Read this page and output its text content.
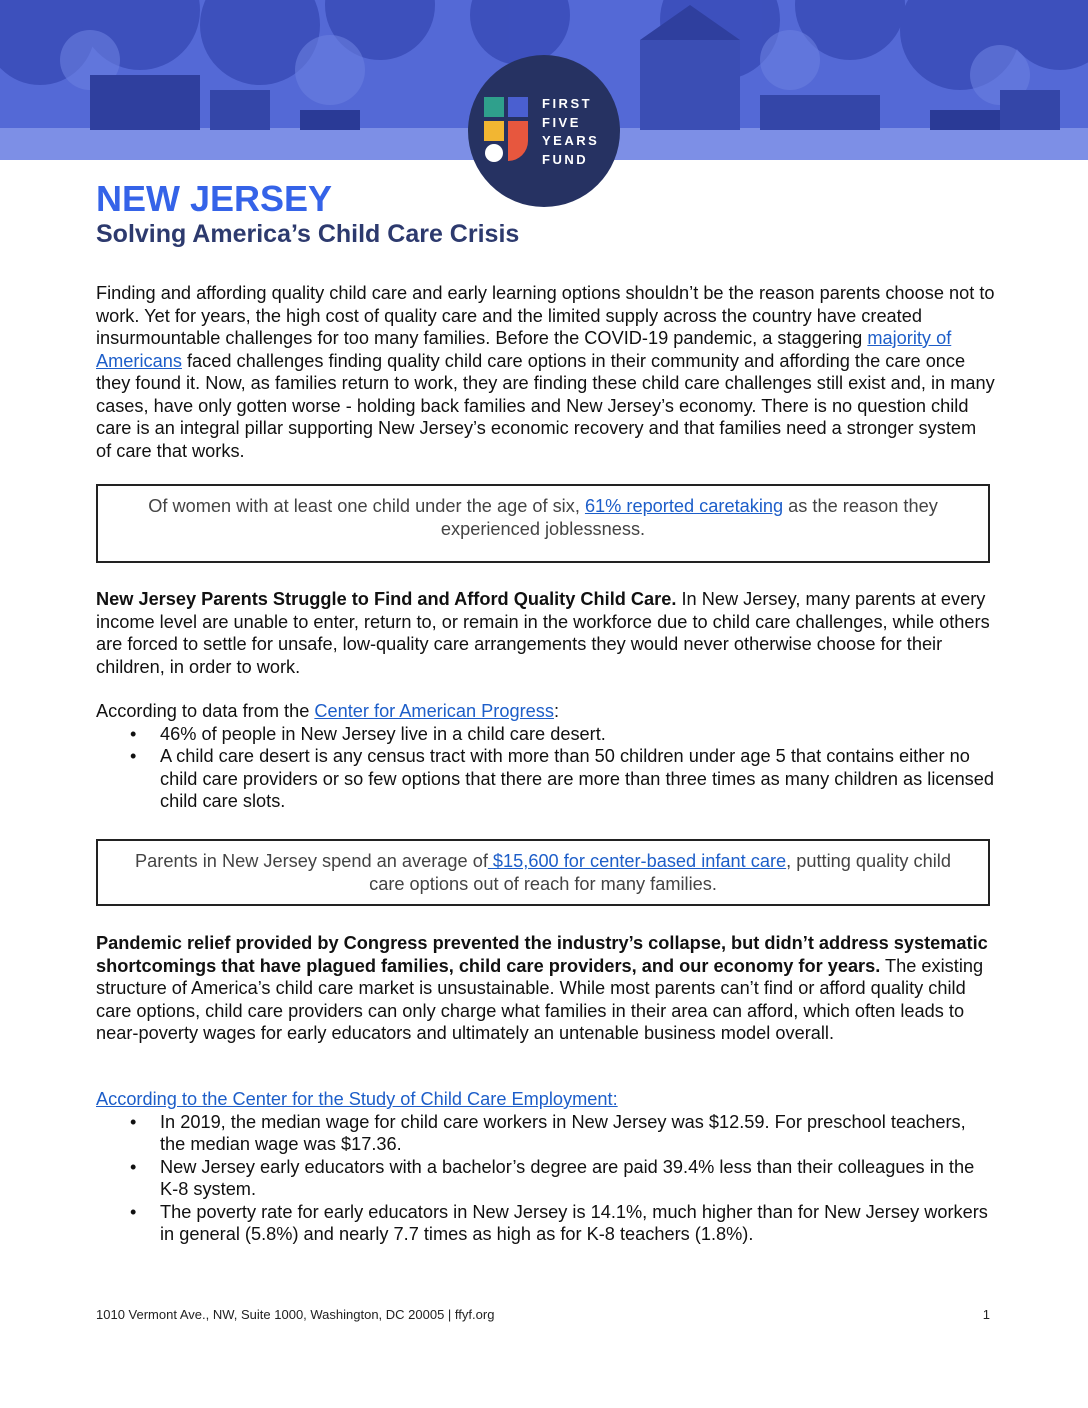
FIRST
FIVE
YEARS
FUND
NEW JERSEY
Solving America’s Child Care Crisis

Finding and affording quality child care and early learning options shouldn’t be the reason parents choose not to work. Yet for years, the high cost of quality care and the limited supply across the country have created insurmountable challenges for too many families. Before the COVID-19 pandemic, a staggering majority of Americans faced challenges finding quality child care options in their community and affording the care once they found it. Now, as families return to work, they are finding these child care challenges still exist and, in many cases, have only gotten worse - holding back families and New Jersey’s economy. There is no question child care is an integral pillar supporting New Jersey’s economic recovery and that families need a stronger system of care that works.

Of women with at least one child under the age of six, 61% reported caretaking as the reason they experienced joblessness.

New Jersey Parents Struggle to Find and Afford Quality Child Care. In New Jersey, many parents at every income level are unable to enter, return to, or remain in the workforce due to child care challenges, while others are forced to settle for unsafe, low-quality care arrangements they would never otherwise choose for their children, in order to work.

According to data from the Center for American Progress:

• 46% of people in New Jersey live in a child care desert.
• A child care desert is any census tract with more than 50 children under age 5 that contains either no child care providers or so few options that there are more than three times as many children as licensed child care slots.
Parents in New Jersey spend an average of $15,600 for center-based infant care, putting quality child care options out of reach for many families.

Pandemic relief provided by Congress prevented the industry’s collapse, but didn’t address systematic shortcomings that have plagued families, child care providers, and our economy for years. The existing structure of America’s child care market is unsustainable. While most parents can’t find or afford quality child care options, child care providers can only charge what families in their area can afford, which often leads to near-poverty wages for early educators and ultimately an untenable business model overall.

According to the Center for the Study of Child Care Employment:

• In 2019, the median wage for child care workers in New Jersey was $12.59. For preschool teachers, the median wage was $17.36.
• New Jersey early educators with a bachelor’s degree are paid 39.4% less than their colleagues in the K-8 system.
• The poverty rate for early educators in New Jersey is 14.1%, much higher than for New Jersey workers in general (5.8%) and nearly 7.7 times as high as for K-8 teachers (1.8%).
1010 Vermont Ave., NW, Suite 1000, Washington, DC 20005 | ffyf.org	1
